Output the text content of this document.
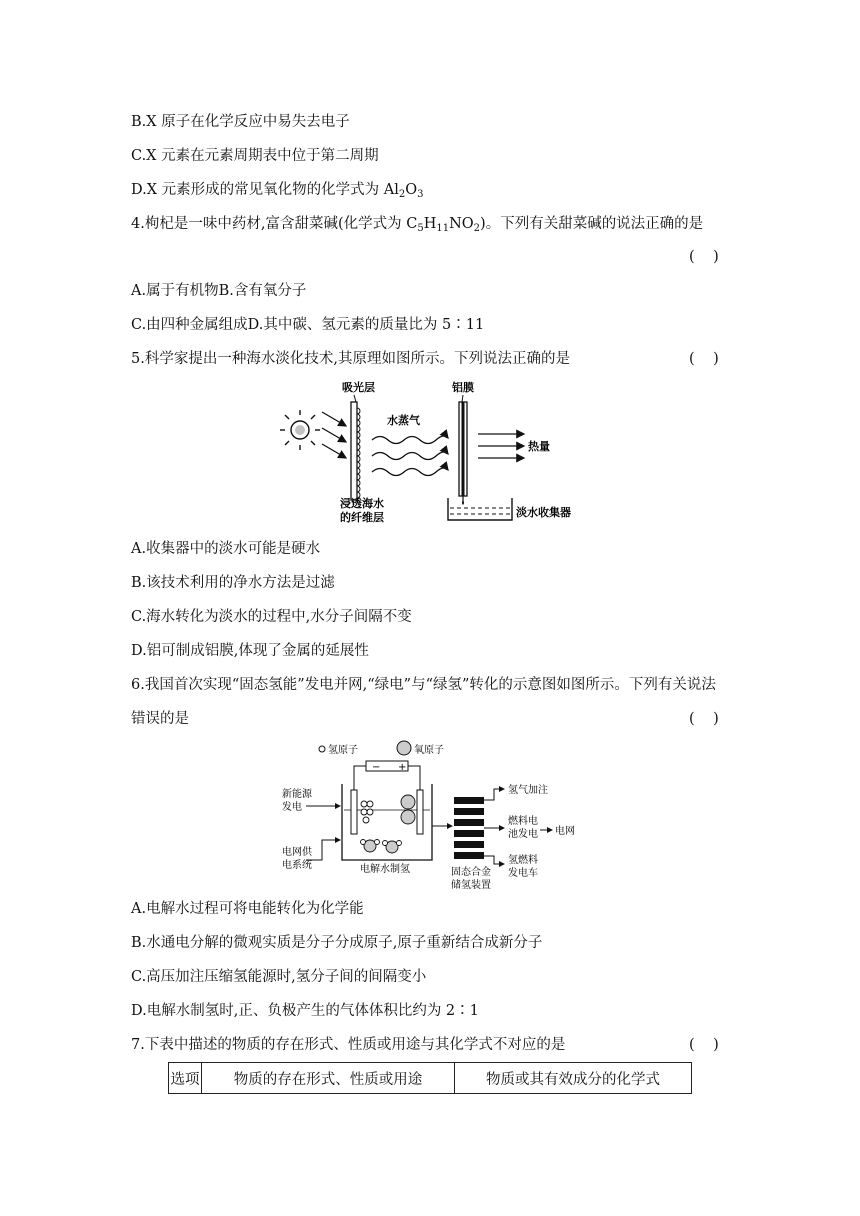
B.X 原子在化学反应中易失去电子
C.X 元素在元素周期表中位于第二周期
D.X 元素形成的常见氧化物的化学式为 $Al_2O_3$
4.枸杞是一味中药材,富含甜菜碱(化学式为 $C_5H_{11}NO_2$)。下列有关甜菜碱的说法正确的是
(    )
A.属于有机物B.含有氧分子
C.由四种金属组成D.其中碳、氢元素的质量比为 5∶11
5.科学家提出一种海水淡化技术,其原理如图所示。下列说法正确的是	(    )
吸光层
水蒸气
铝膜
热量
淡水收集器
浸透海水
的纤维层
A.收集器中的淡水可能是硬水
B.该技术利用的净水方法是过滤
C.海水转化为淡水的过程中,水分子间隔不变
D.铝可制成铝膜,体现了金属的延展性
6.我国首次实现“固态氢能”发电并网,“绿电”与“绿氢”转化的示意图如图所示。下列有关说法
错误的是	(    )
氢原子	氧原子
− +
电解水制氢
新能源
发电
电网供
电系统
固态合金
储氢装置
氢气加注
燃料电
池发电 电网
氢燃料
发电车
A.电解水过程可将电能转化为化学能
B.水通电分解的微观实质是分子分成原子,原子重新结合成新分子
C.高压加注压缩氢能源时,氢分子间的间隔变小
D.电解水制氢时,正、负极产生的气体体积比约为 2∶1
7.下表中描述的物质的存在形式、性质或用途与其化学式不对应的是	(    )
选项	物质的存在形式、性质或用途	物质或其有效成分的化学式
